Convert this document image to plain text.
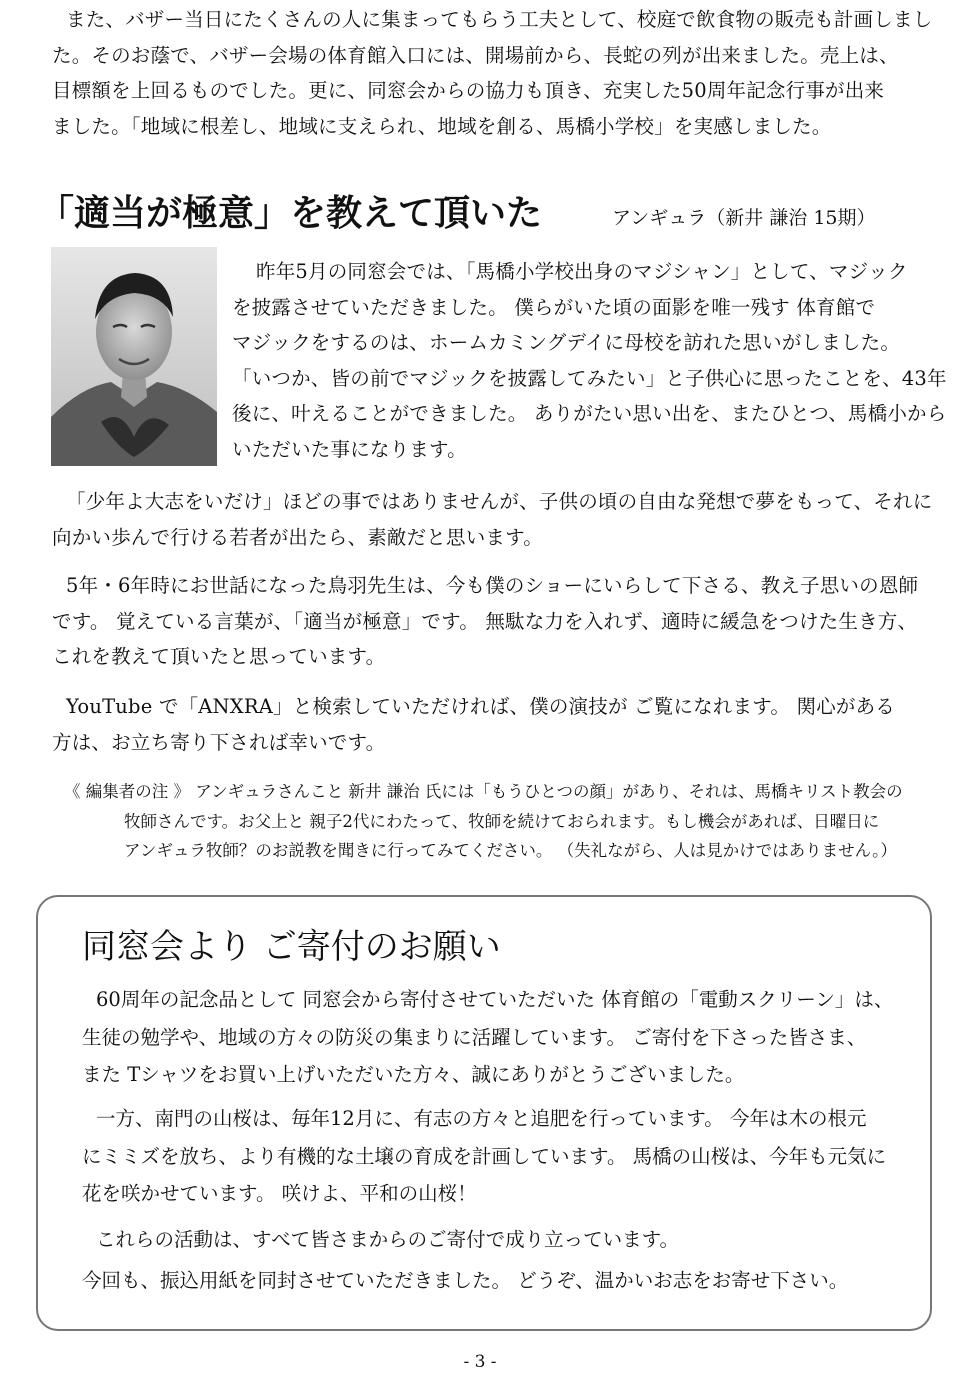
また、バザー当日にたくさんの人に集まってもらう工夫として、校庭で飲食物の販売も計画しまし
た。そのお蔭で、バザー会場の体育館入口には、開場前から、長蛇の列が出来ました。売上は、
目標額を上回るものでした。更に、同窓会からの協力も頂き、充実した50周年記念行事が出来
ました。「地域に根差し、地域に支えられ、地域を創る、馬橋小学校」を実感しました。
「適当が極意」を教えて頂いた	アンギュラ（新井 謙治 15期）
昨年5月の同窓会では、「馬橋小学校出身のマジシャン」として、マジック
を披露させていただきました。 僕らがいた頃の面影を唯一残す 体育館で
マジックをするのは、ホームカミングデイに母校を訪れた思いがしました。
「いつか、皆の前でマジックを披露してみたい」と子供心に思ったことを、43年
後に、叶えることができました。 ありがたい思い出を、またひとつ、馬橋小から
いただいた事になります。
「少年よ大志をいだけ」ほどの事ではありませんが、子供の頃の自由な発想で夢をもって、それに
向かい歩んで行ける若者が出たら、素敵だと思います。
5年・6年時にお世話になった鳥羽先生は、今も僕のショーにいらして下さる、教え子思いの恩師
です。 覚えている言葉が、「適当が極意」です。 無駄な力を入れず、適時に緩急をつけた生き方、
これを教えて頂いたと思っています。
YouTube で「ANXRA」と検索していただければ、僕の演技が ご覧になれます。 関心がある
方は、お立ち寄り下されば幸いです。
《 編集者の注 》 アンギュラさんこと 新井 謙治 氏には「もうひとつの顔」があり、それは、馬橋キリスト教会の
牧師さんです。お父上と 親子2代にわたって、牧師を続けておられます。もし機会があれば、日曜日に
アンギュラ牧師？のお説教を聞きに行ってみてください。 （失礼ながら、人は見かけではありません。）
同窓会より ご寄付のお願い
60周年の記念品として 同窓会から寄付させていただいた 体育館の「電動スクリーン」は、
生徒の勉学や、地域の方々の防災の集まりに活躍しています。 ご寄付を下さった皆さま、
また Tシャツをお買い上げいただいた方々、誠にありがとうございました。
一方、南門の山桜は、毎年12月に、有志の方々と追肥を行っています。 今年は木の根元
にミミズを放ち、より有機的な土壌の育成を計画しています。 馬橋の山桜は、今年も元気に
花を咲かせています。 咲けよ、平和の山桜！
これらの活動は、すべて皆さまからのご寄付で成り立っています。
今回も、振込用紙を同封させていただきました。 どうぞ、温かいお志をお寄せ下さい。
- 3 -
